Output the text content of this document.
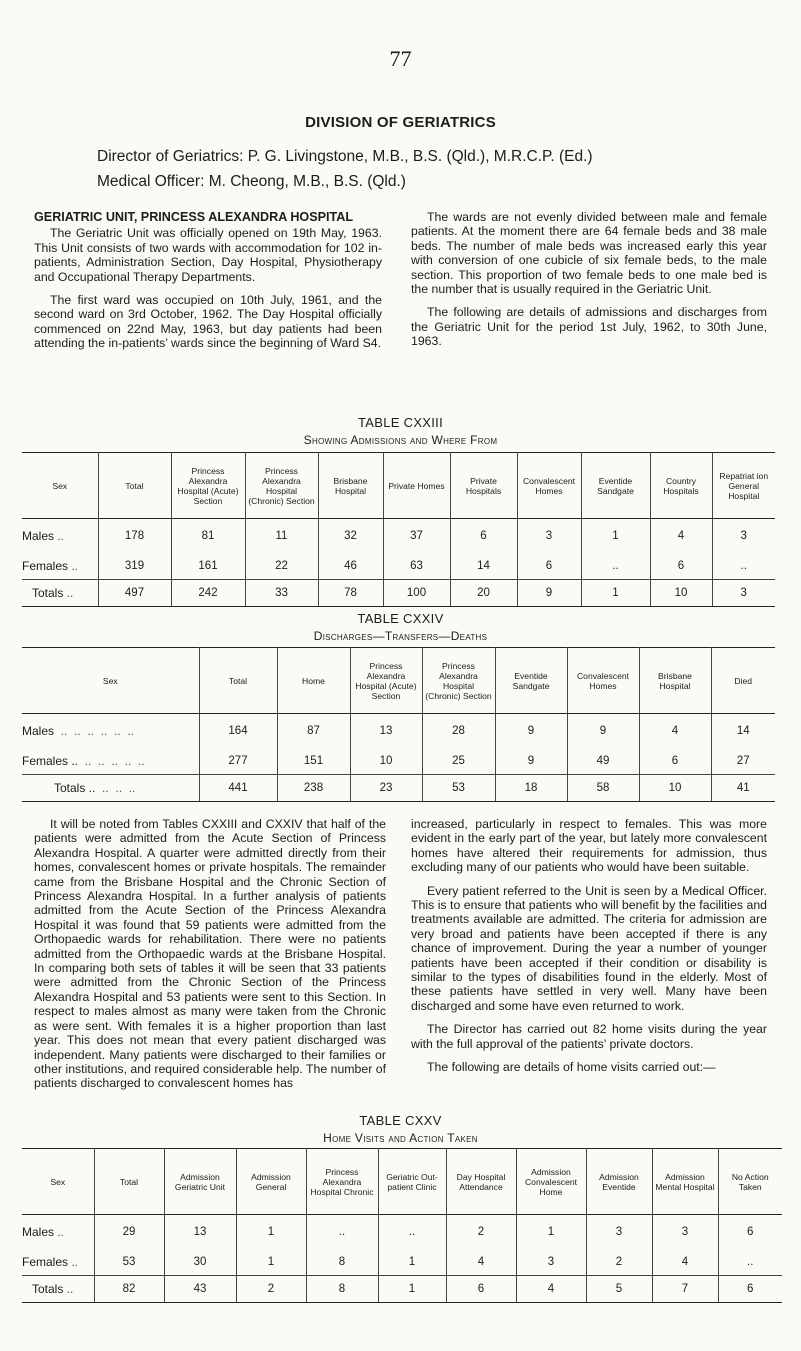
77
DIVISION OF GERIATRICS
Director of Geriatrics: P. G. Livingstone, M.B., B.S. (Qld.), M.R.C.P. (Ed.)
Medical Officer: M. Cheong, M.B., B.S. (Qld.)
GERIATRIC UNIT, PRINCESS ALEXANDRA HOSPITAL

The Geriatric Unit was officially opened on 19th May, 1963. This Unit consists of two wards with accommodation for 102 in-patients, Administration Section, Day Hospital, Physiotherapy and Occupational Therapy Departments.

The first ward was occupied on 10th July, 1961, and the second ward on 3rd October, 1962. The Day Hospital officially commenced on 22nd May, 1963, but day patients had been attending the in-patients’ wards since the beginning of Ward S4.

The wards are not evenly divided between male and female patients. At the moment there are 64 female beds and 38 male beds. The number of male beds was increased early this year with conversion of one cubicle of six female beds, to the male section. This proportion of two female beds to one male bed is the number that is usually required in the Geriatric Unit.

The following are details of admissions and discharges from the Geriatric Unit for the period 1st July, 1962, to 30th June, 1963.

TABLE CXXIII
Showing Admissions and Where From
Sex	Total	Princess Alexandra Hospital (Acute) Section	Princess Alexandra Hospital (Chronic) Section	Brisbane Hospital	Private Homes	Private Hospitals	Convalescent Homes	Eventide Sandgate	Country Hospitals	Repatriat ion General Hospital
Males ..	178	81	11	32	37	6	3	1	4	3
Females ..	319	161	22	46	63	14	6	..	6	..
Totals ..	497	242	33	78	100	20	9	1	10	3
TABLE CXXIV
Discharges—Transfers—Deaths
Sex	Total	Home	Princess Alexandra Hospital (Acute) Section	Princess Alexandra Hospital (Chronic) Section	Eventide Sandgate	Convalescent Homes	Brisbane Hospital	Died
Males  ..  ..  ..  ..  ..  ..	164	87	13	28	9	9	4	14
Females ..  ..  ..  ..  ..  ..	277	151	10	25	9	49	6	27
Totals ..  ..  ..  ..	441	238	23	53	18	58	10	41

It will be noted from Tables CXXIII and CXXIV that half of the patients were admitted from the Acute Section of Princess Alexandra Hospital. A quarter were admitted directly from their homes, convalescent homes or private hospitals. The remainder came from the Brisbane Hospital and the Chronic Section of Princess Alexandra Hospital. In a further analysis of patients admitted from the Acute Section of the Princess Alexandra Hospital it was found that 59 patients were admitted from the Orthopaedic wards for rehabilitation. There were no patients admitted from the Orthopaedic wards at the Brisbane Hospital. In comparing both sets of tables it will be seen that 33 patients were admitted from the Chronic Section of the Princess Alexandra Hospital and 53 patients were sent to this Section. In respect to males almost as many were taken from the Chronic as were sent. With females it is a higher proportion than last year. This does not mean that every patient discharged was independent. Many patients were discharged to their families or other institutions, and required considerable help. The number of patients discharged to convalescent homes has

increased, particularly in respect to females. This was more evident in the early part of the year, but lately more convalescent homes have altered their requirements for admission, thus excluding many of our patients who would have been suitable.

Every patient referred to the Unit is seen by a Medical Officer. This is to ensure that patients who will benefit by the facilities and treatments available are admitted. The criteria for admission are very broad and patients have been accepted if there is any chance of improvement. During the year a number of younger patients have been accepted if their condition or disability is similar to the types of disabilities found in the elderly. Most of these patients have settled in very well. Many have been discharged and some have even returned to work.

The Director has carried out 82 home visits during the year with the full approval of the patients’ private doctors.

The following are details of home visits carried out:—

TABLE CXXV
Home Visits and Action Taken
Sex	Total	Admission Geriatric Unit	Admission General	Princess Alexandra Hospital Chronic	Geriatric Out-patient Clinic	Day Hospital Attendance	Admission Convalescent Home	Admission Eventide	Admission Mental Hospital	No Action Taken
Males ..	29	13	1	..	..	2	1	3	3	6
Females ..	53	30	1	8	1	4	3	2	4	..
Totals ..	82	43	2	8	1	6	4	5	7	6
